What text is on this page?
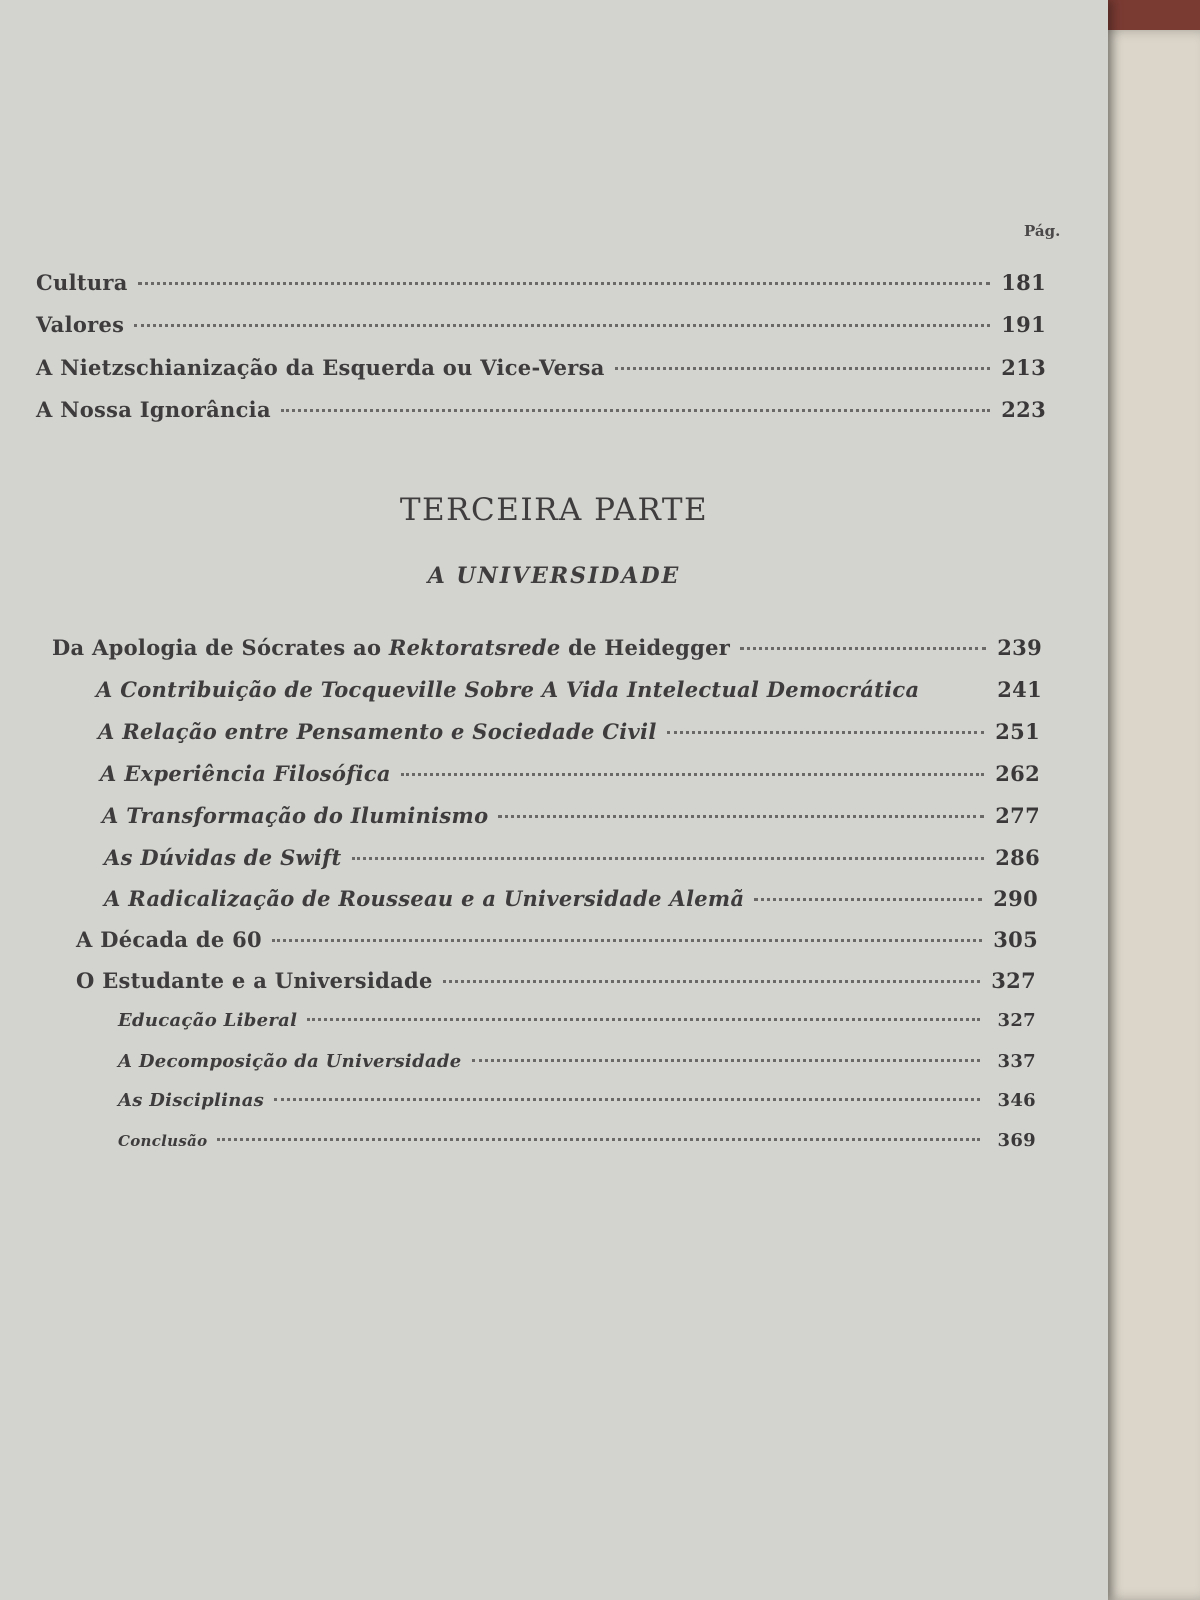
Pág.
Cultura	181
Valores	191
A Nietzschianização da Esquerda ou Vice-Versa	213
A Nossa Ignorância	223
TERCEIRA PARTE
A UNIVERSIDADE
Da Apologia de Sócrates ao Rektoratsrede de Heidegger	239
A Contribuição de Tocqueville Sobre A Vida Intelectual Democrática	241
A Relação entre Pensamento e Sociedade Civil	251
A Experiência Filosófica	262
A Transformação do Iluminismo	277
As Dúvidas de Swift	286
A Radicalização de Rousseau e a Universidade Alemã	290
A Década de 60	305
O Estudante e a Universidade	327
Educação Liberal	327
A Decomposição da Universidade	337
As Disciplinas	346
Conclusão	369
